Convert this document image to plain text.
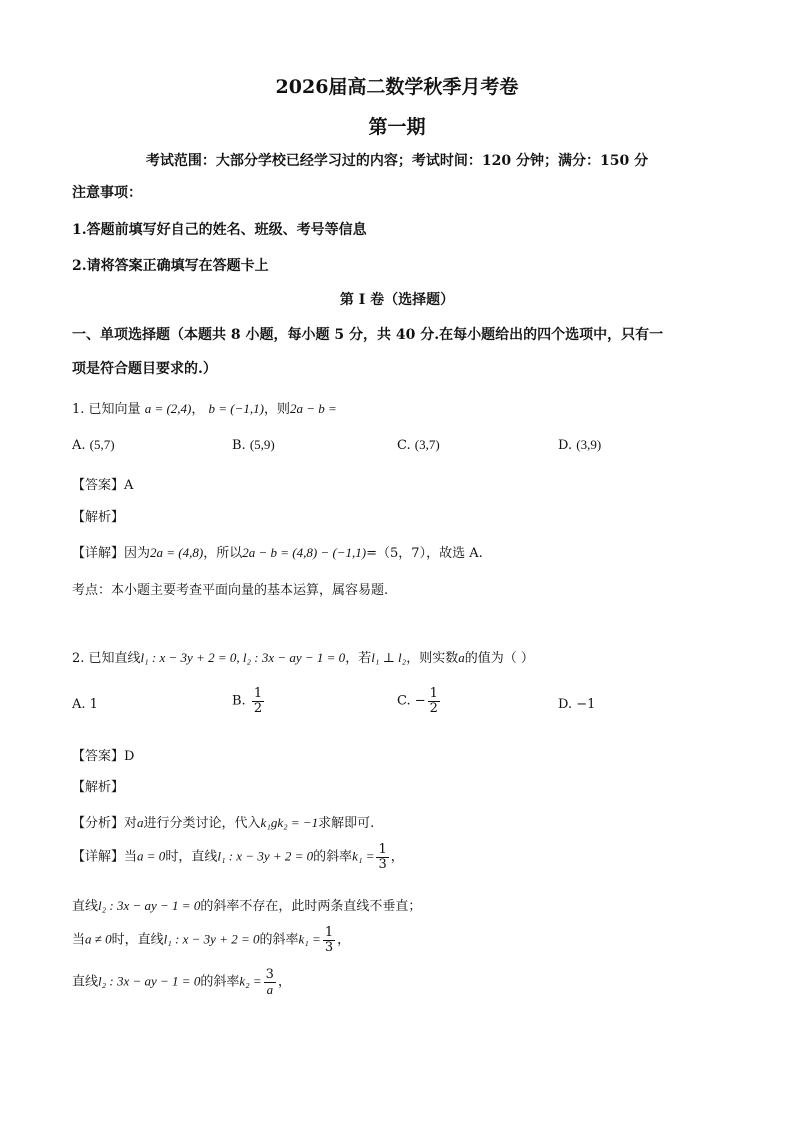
2026届高二数学秋季月考卷
第一期
考试范围：大部分学校已经学习过的内容；考试时间：120 分钟；满分：150 分
注意事项：
1.答题前填写好自己的姓名、班级、考号等信息
2.请将答案正确填写在答题卡上
第 I 卷（选择题）
一、单项选择题（本题共 8 小题，每小题 5 分，共 40 分.在每小题给出的四个选项中，只有一
项是符合题目要求的.）
1. 已知向量 a = (2,4)， b = (−1,1)，则2a − b =
A. (5,7)	B. (5,9)	C. (3,7)	D. (3,9)
【答案】A
【解析】
【详解】因为2a = (4,8)，所以2a − b = (4,8) − (−1,1)=（5，7），故选 A.
考点：本小题主要考查平面向量的基本运算，属容易题.
2. 已知直线l₁ : x − 3y + 2 = 0, l₂ : 3x − ay − 1 = 0，若l₁ ⊥ l₂，则实数a的值为（ ）
A. 1	B. $\frac{1}{2}$	C. − $\frac{1}{2}$	D. −1
【答案】D
【解析】
【分析】对a进行分类讨论，代入k₁gk₂ = −1求解即可.
【详解】当a = 0时，直线l₁ : x − 3y + 2 = 0的斜率$k_1 = \frac{1}{3}$ ，
直线l₂ : 3x − ay − 1 = 0的斜率不存在，此时两条直线不垂直；
当a ≠ 0时，直线l₁ : x − 3y + 2 = 0的斜率$k_1 = \frac{1}{3}$ ，
直线l₂ : 3x − ay − 1 = 0的斜率$k_2 = \frac{3}{a}$ ，
